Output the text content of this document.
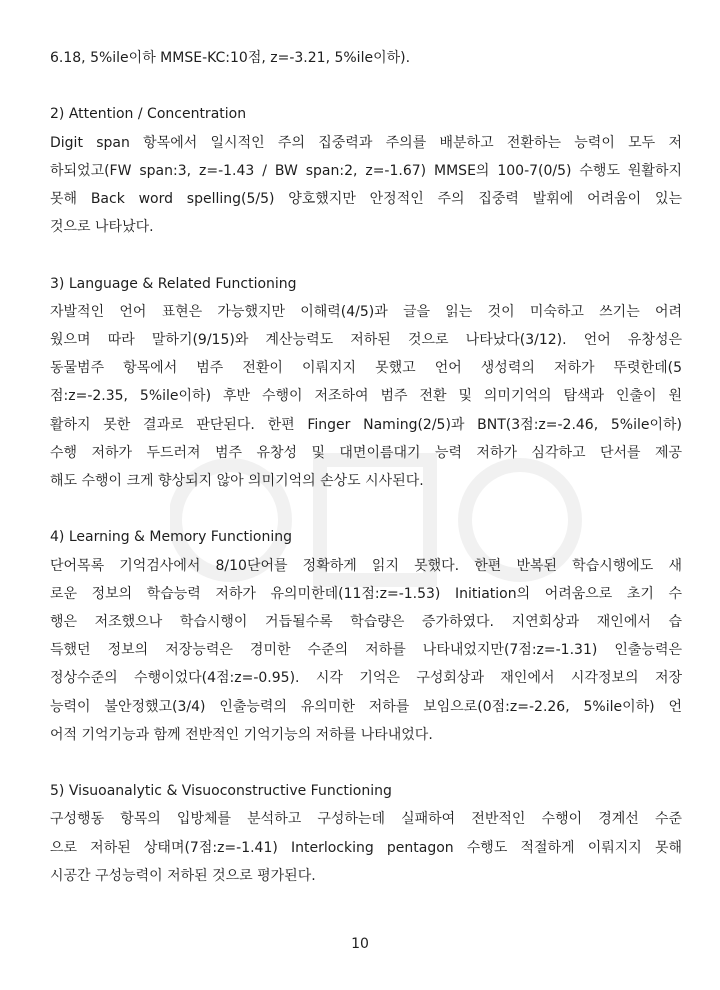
6.18, 5%ile이하 MMSE-KC:10점, z=-3.21, 5%ile이하).
2) Attention / Concentration
Digit span 항목에서 일시적인 주의 집중력과 주의를 배분하고 전환하는 능력이 모두 저
하되었고(FW span:3, z=-1.43 / BW span:2, z=-1.67) MMSE의 100-7(0/5) 수행도 원활하지
못해 Back word spelling(5/5) 양호했지만 안정적인 주의 집중력 발휘에 어려움이 있는
것으로 나타났다.
3) Language & Related Functioning
자발적인 언어 표현은 가능했지만 이해력(4/5)과 글을 읽는 것이 미숙하고 쓰기는 어려
웠으며 따라 말하기(9/15)와 계산능력도 저하된 것으로 나타났다(3/12). 언어 유창성은
동물범주 항목에서 범주 전환이 이뤄지지 못했고 언어 생성력의 저하가 뚜렷한데(5
점:z=-2.35, 5%ile이하) 후반 수행이 저조하여 범주 전환 및 의미기억의 탐색과 인출이 원
활하지 못한 결과로 판단된다. 한편 Finger Naming(2/5)과 BNT(3점:z=-2.46, 5%ile이하)
수행 저하가 두드러져 범주 유창성 및 대면이름대기 능력 저하가 심각하고 단서를 제공
해도 수행이 크게 향상되지 않아 의미기억의 손상도 시사된다.
4) Learning & Memory Functioning
단어목록 기억검사에서 8/10단어를 정확하게 읽지 못했다. 한편 반복된 학습시행에도 새
로운 정보의 학습능력 저하가 유의미한데(11점:z=-1.53) Initiation의 어려움으로 초기 수
행은 저조했으나 학습시행이 거듭될수록 학습량은 증가하였다. 지연회상과 재인에서 습
득했던 정보의 저장능력은 경미한 수준의 저하를 나타내었지만(7점:z=-1.31) 인출능력은
정상수준의 수행이었다(4점:z=-0.95). 시각 기억은 구성회상과 재인에서 시각정보의 저장
능력이 불안정했고(3/4) 인출능력의 유의미한 저하를 보임으로(0점:z=-2.26, 5%ile이하) 언
어적 기억기능과 함께 전반적인 기억기능의 저하를 나타내었다.
5) Visuoanalytic & Visuoconstructive Functioning
구성행동 항목의 입방체를 분석하고 구성하는데 실패하여 전반적인 수행이 경계선 수준
으로 저하된 상태며(7점:z=-1.41) Interlocking pentagon 수행도 적절하게 이뤄지지 못해
시공간 구성능력이 저하된 것으로 평가된다.
10
